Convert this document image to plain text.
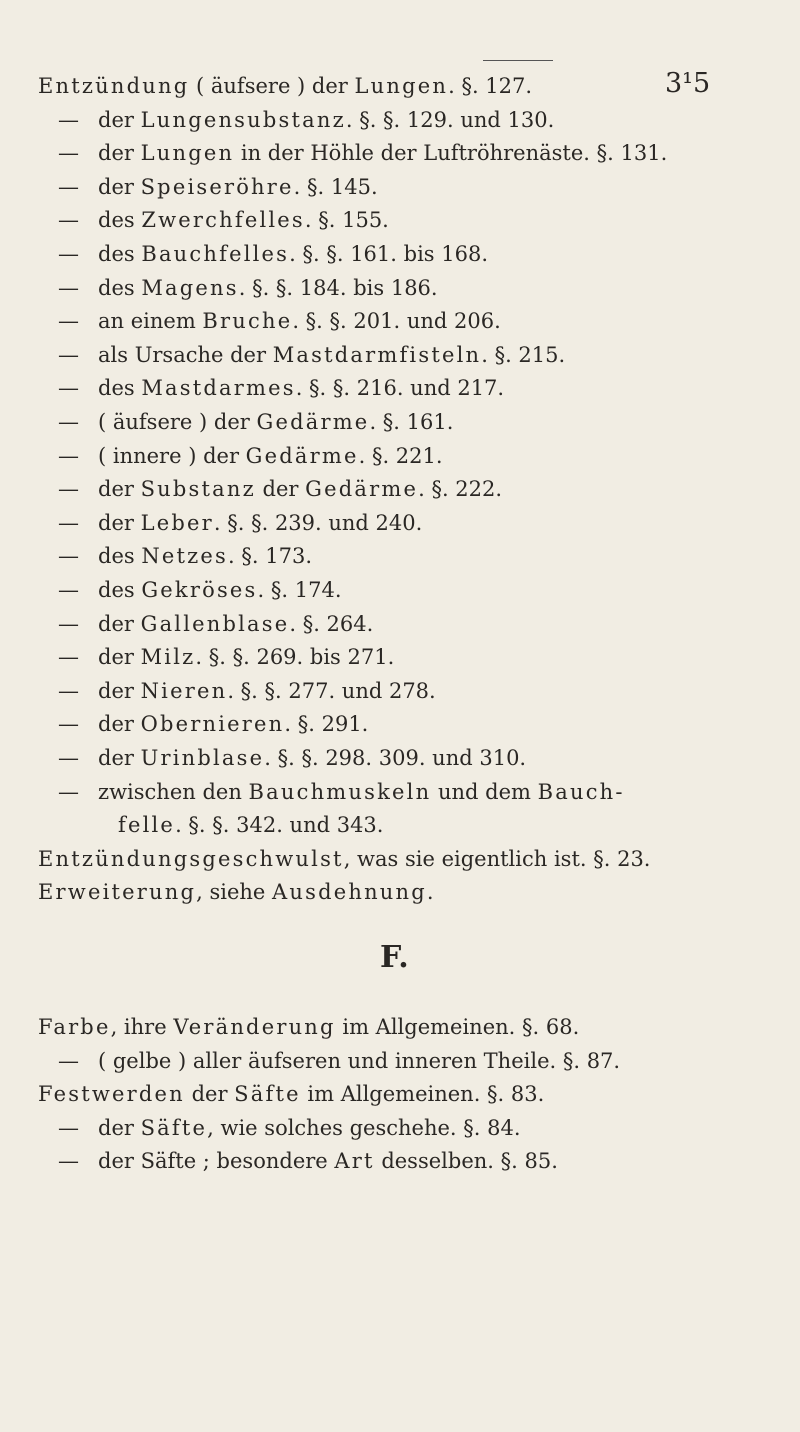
3¹5
Entzündung ( äufsere ) der Lungen. §. 127.
— der Lungensubstanz. §. §. 129. und 130.
— der Lungen in der Höhle der Luftröhrenäste. §. 131.
— der Speiseröhre. §. 145.
— des Zwerchfelles. §. 155.
— des Bauchfelles. §. §. 161. bis 168.
— des Magens. §. §. 184. bis 186.
— an einem Bruche. §. §. 201. und 206.
— als Ursache der Mastdarmfisteln. §. 215.
— des Mastdarmes. §. §. 216. und 217.
— ( äufsere ) der Gedärme. §. 161.
— ( innere ) der Gedärme. §. 221.
— der Substanz der Gedärme. §. 222.
— der Leber. §. §. 239. und 240.
— des Netzes. §. 173.
— des Gekröses. §. 174.
— der Gallenblase. §. 264.
— der Milz. §. §. 269. bis 271.
— der Nieren. §. §. 277. und 278.
— der Obernieren. §. 291.
— der Urinblase. §. §. 298. 309. und 310.
— zwischen den Bauchmuskeln und dem Bauch-
felle. §. §. 342. und 343.
Entzündungsgeschwulst, was sie eigentlich ist. §. 23.
Erweiterung, siehe Ausdehnung.
F.
Farbe, ihre Veränderung im Allgemeinen. §. 68.
— ( gelbe ) aller äufseren und inneren Theile. §. 87.
Festwerden der Säfte im Allgemeinen. §. 83.
— der Säfte, wie solches geschehe. §. 84.
— der Säfte ; besondere Art desselben. §. 85.
